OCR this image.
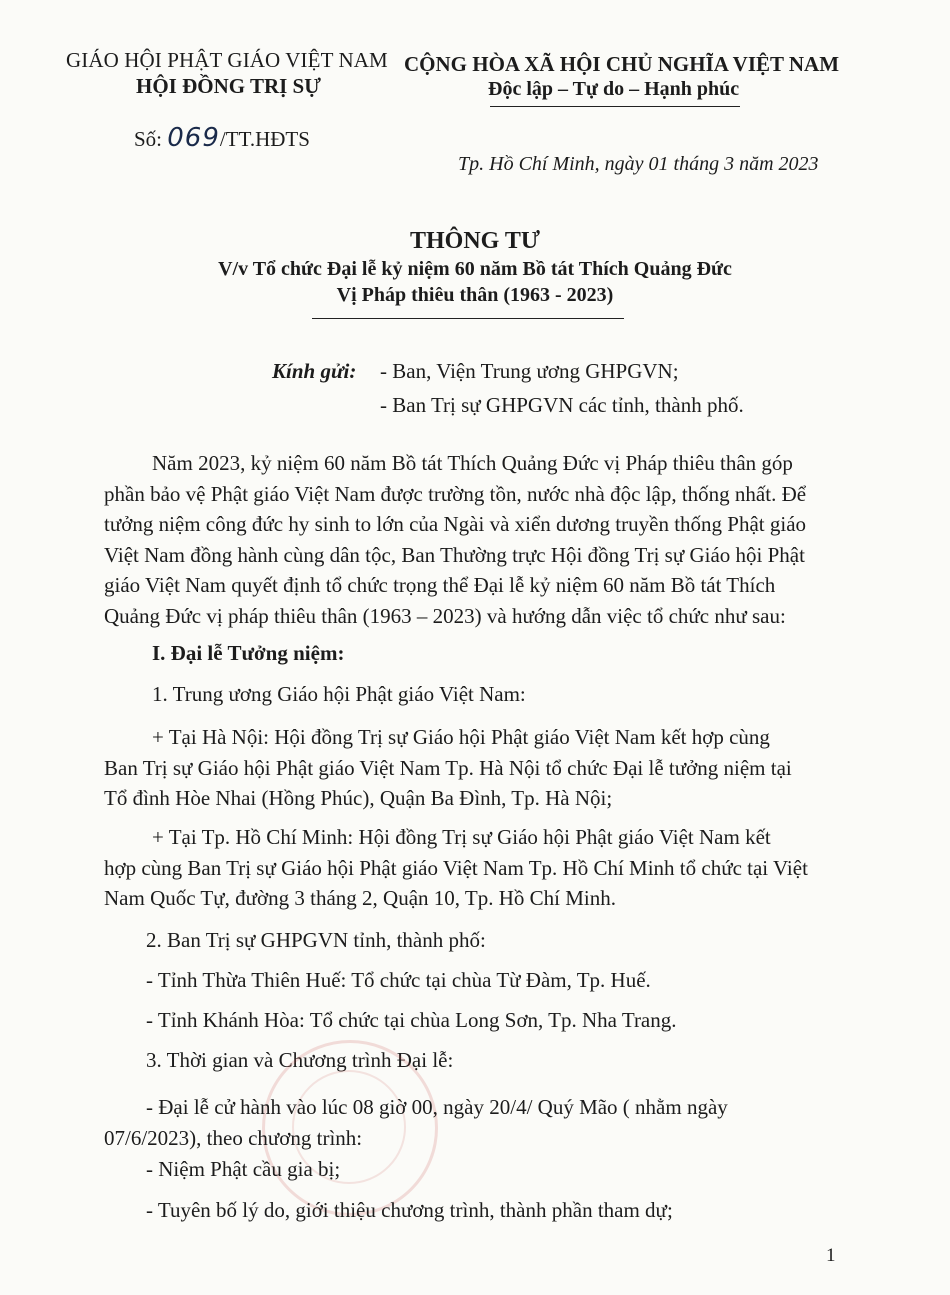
GIÁO HỘI PHẬT GIÁO VIỆT NAM
HỘI ĐỒNG TRỊ SỰ
CỘNG HÒA XÃ HỘI CHỦ NGHĨA VIỆT NAM
Độc lập – Tự do – Hạnh phúc
Số: 069/TT.HĐTS
Tp. Hồ Chí Minh, ngày 01 tháng 3 năm 2023
THÔNG TƯ
V/v Tổ chức Đại lễ kỷ niệm 60 năm Bồ tát Thích Quảng Đức
Vị Pháp thiêu thân (1963 - 2023)
Kính gửi: - Ban, Viện Trung ương GHPGVN;
- Ban Trị sự GHPGVN các tỉnh, thành phố.
Năm 2023, kỷ niệm 60 năm Bồ tát Thích Quảng Đức vị Pháp thiêu thân góp
phần bảo vệ Phật giáo Việt Nam được trường tồn, nước nhà độc lập, thống nhất. Để
tưởng niệm công đức hy sinh to lớn của Ngài và xiển dương truyền thống Phật giáo
Việt Nam đồng hành cùng dân tộc, Ban Thường trực Hội đồng Trị sự Giáo hội Phật
giáo Việt Nam quyết định tổ chức trọng thể Đại lễ kỷ niệm 60 năm Bồ tát Thích
Quảng Đức vị pháp thiêu thân (1963 – 2023) và hướng dẫn việc tổ chức như sau:
I. Đại lễ Tưởng niệm:
1. Trung ương Giáo hội Phật giáo Việt Nam:
+ Tại Hà Nội: Hội đồng Trị sự Giáo hội Phật giáo Việt Nam kết hợp cùng
Ban Trị sự Giáo hội Phật giáo Việt Nam Tp. Hà Nội tổ chức Đại lễ tưởng niệm tại
Tổ đình Hòe Nhai (Hồng Phúc), Quận Ba Đình, Tp. Hà Nội;
+ Tại Tp. Hồ Chí Minh: Hội đồng Trị sự Giáo hội Phật giáo Việt Nam kết
hợp cùng Ban Trị sự Giáo hội Phật giáo Việt Nam Tp. Hồ Chí Minh tổ chức tại Việt
Nam Quốc Tự, đường 3 tháng 2, Quận 10, Tp. Hồ Chí Minh.
2. Ban Trị sự GHPGVN tỉnh, thành phố:
- Tỉnh Thừa Thiên Huế: Tổ chức tại chùa Từ Đàm, Tp. Huế.
- Tỉnh Khánh Hòa: Tổ chức tại chùa Long Sơn, Tp. Nha Trang.
3. Thời gian và Chương trình Đại lễ:
- Đại lễ cử hành vào lúc 08 giờ 00, ngày 20/4/ Quý Mão ( nhằm ngày
07/6/2023), theo chương trình:
- Niệm Phật cầu gia bị;
- Tuyên bố lý do, giới thiệu chương trình, thành phần tham dự;
1
